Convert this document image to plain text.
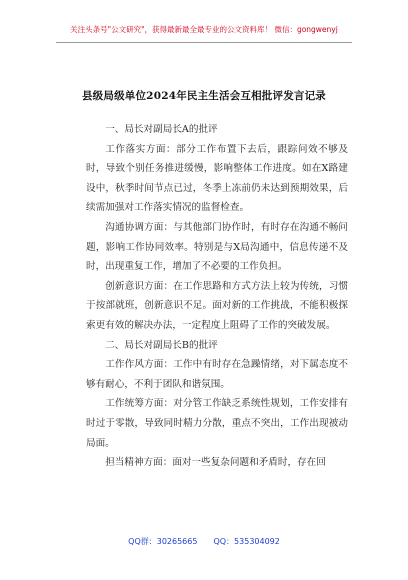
关注头条号"公文研究"，获得最新最全最专业的公文资料库！ 微信：gongwenyj
县级局级单位2024年民主生活会互相批评发言记录

一、局长对副局长A的批评

工作落实方面：部分工作布置下去后，跟踪问效不够及时，导致个别任务推进缓慢，影响整体工作进度。如在X路建设中，秋季时间节点已过，冬季上冻前仍未达到预期效果，后续需加强对工作落实情况的监督检查。

沟通协调方面：与其他部门协作时，有时存在沟通不畅问题，影响工作协同效率。特别是与X局沟通中，信息传递不及时，出现重复工作，增加了不必要的工作负担。

创新意识方面：在工作思路和方式方法上较为传统，习惯于按部就班，创新意识不足。面对新的工作挑战，不能积极探索更有效的解决办法，一定程度上阻碍了工作的突破发展。

二、局长对副局长B的批评

工作作风方面：工作中有时存在急躁情绪，对下属态度不够有耐心，不利于团队和谐氛围。

工作统筹方面：对分管工作缺乏系统性规划，工作安排有时过于零散，导致同时精力分散，重点不突出，工作出现被动局面。

担当精神方面：面对一些复杂问题和矛盾时，存在回

QQ群：30265665 QQ：535304092
